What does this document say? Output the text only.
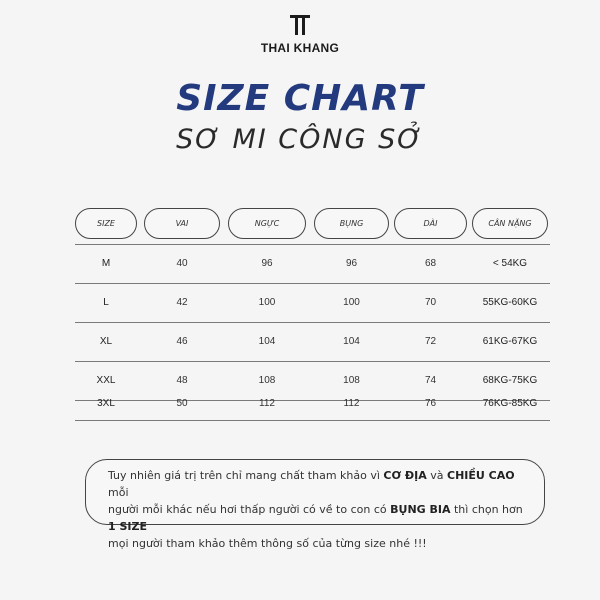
THAI KHANG
SIZE CHART
SƠ MI CÔNG SỞ
SIZE	VAI	NGỰC	BỤNG	DÀI	CÂN NẶNG
M	40	96	96	68	< 54KG
L	42	100	100	70	55KG-60KG
XL	46	104	104	72	61KG-67KG
XXL	48	108	108	74	68KG-75KG
3XL	50	112	112	76	76KG-85KG
Tuy nhiên giá trị trên chỉ mang chất tham khảo vì CƠ ĐỊA và CHIỀU CAO mỗi
người mỗi khác nếu hơi thấp người có về to con có BỤNG BIA thì chọn hơn 1 SIZE
mọi người tham khảo thêm thông số của từng size nhé !!!
